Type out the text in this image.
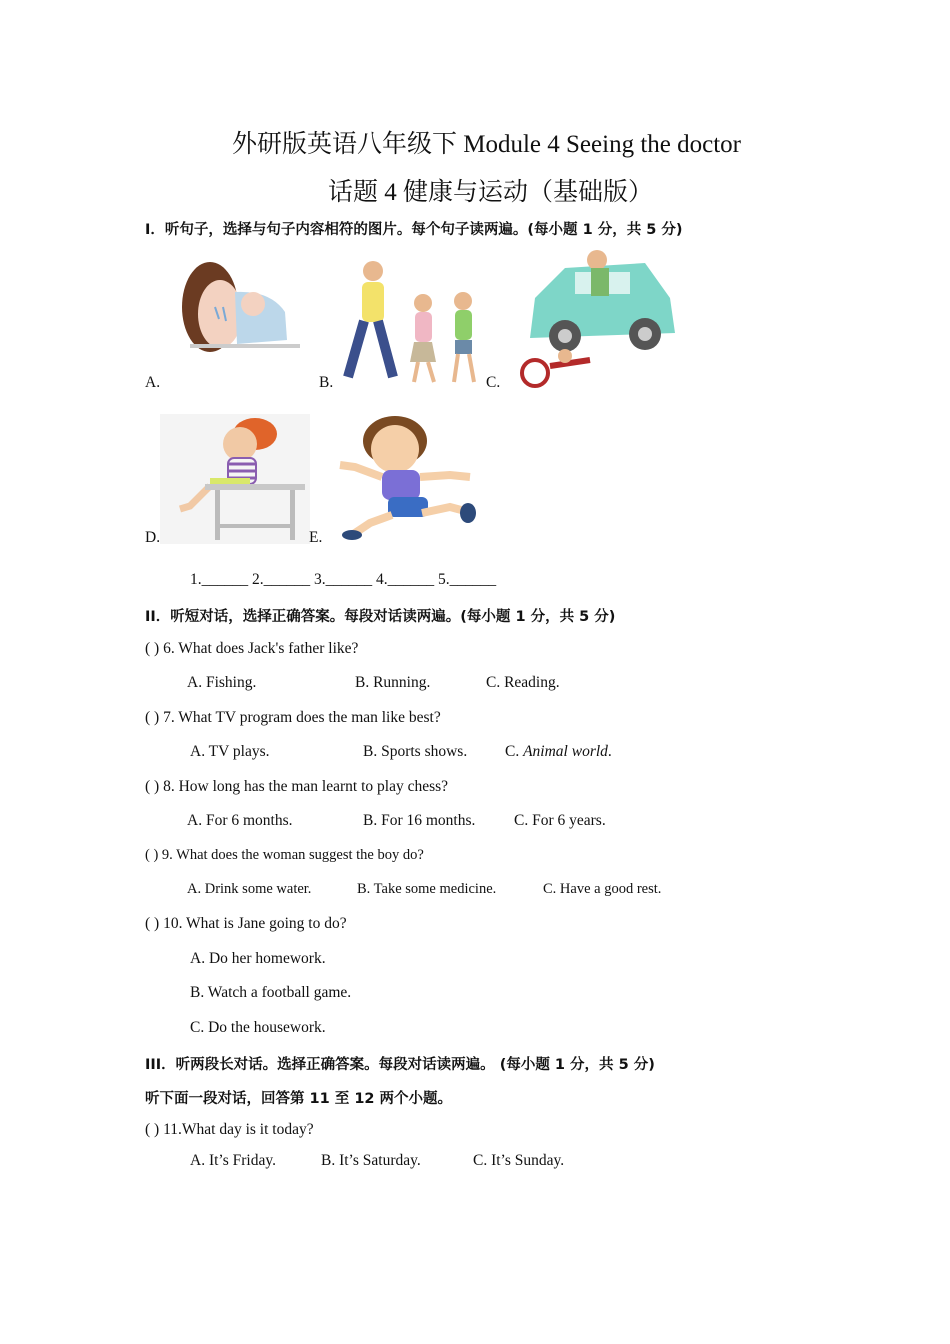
外研版英语八年级下 Module 4 Seeing the doctor
话题 4 健康与运动（基础版）
I．听句子，选择与句子内容相符的图片。每个句子读两遍。(每小题 1 分，共 5 分)
A.	B.	C.
D.	E.
1.______ 2.______ 3.______ 4.______ 5.______
II．听短对话，选择正确答案。每段对话读两遍。(每小题 1 分，共 5 分)
( ) 6. What does Jack's father like?
A. Fishing.	B. Running.	C. Reading.
( ) 7. What TV program does the man like best?
A. TV plays.	B. Sports shows. C. Animal world.
( ) 8. How long has the man learnt to play chess?
A. For 6 months.	B. For 16 months. C. For 6 years.
( ) 9. What does the woman suggest the boy do?
A. Drink some water.	B. Take some medicine.	C. Have a good rest.
( ) 10. What is Jane going to do?
A. Do her homework.
B. Watch a football game.
C. Do the housework.
III．听两段长对话。选择正确答案。每段对话读两遍。 (每小题 1 分，共 5 分)
听下面一段对话，回答第 11 至 12 两个小题。
( ) 11.What day is it today?
A. It’s Friday.	B. It’s Saturday.	C. It’s Sunday.
